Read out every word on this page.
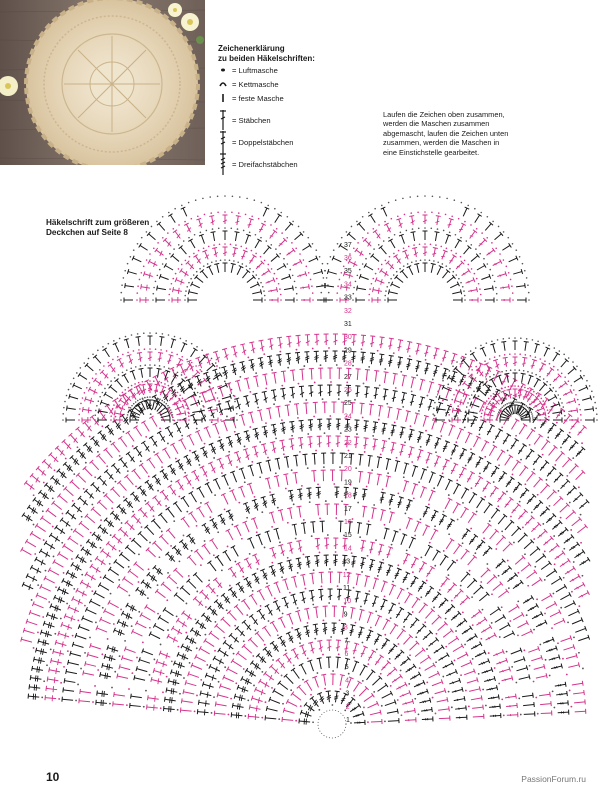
Zeichenerklärung
zu beiden Häkelschriften:
= Luftmasche
= Kettmasche
= feste Masche
= Stäbchen
= Doppelstäbchen
= Dreifachstäbchen
Laufen die Zeichen oben zusammen, werden die Maschen zusammen abgemascht, laufen die Zeichen unten zusammen, werden die Maschen in eine Einstichstelle gearbeitet.
Häkelschrift zum größeren
Deckchen auf Seite 8
1
2
3
4
5
6
7
8
9
10
11
12
13
14
15
16
17
18
19
20
21
22
23
24
25
26
27
28
29
30
31
32
33
34
35
36
37
10	PassionForum.ru
